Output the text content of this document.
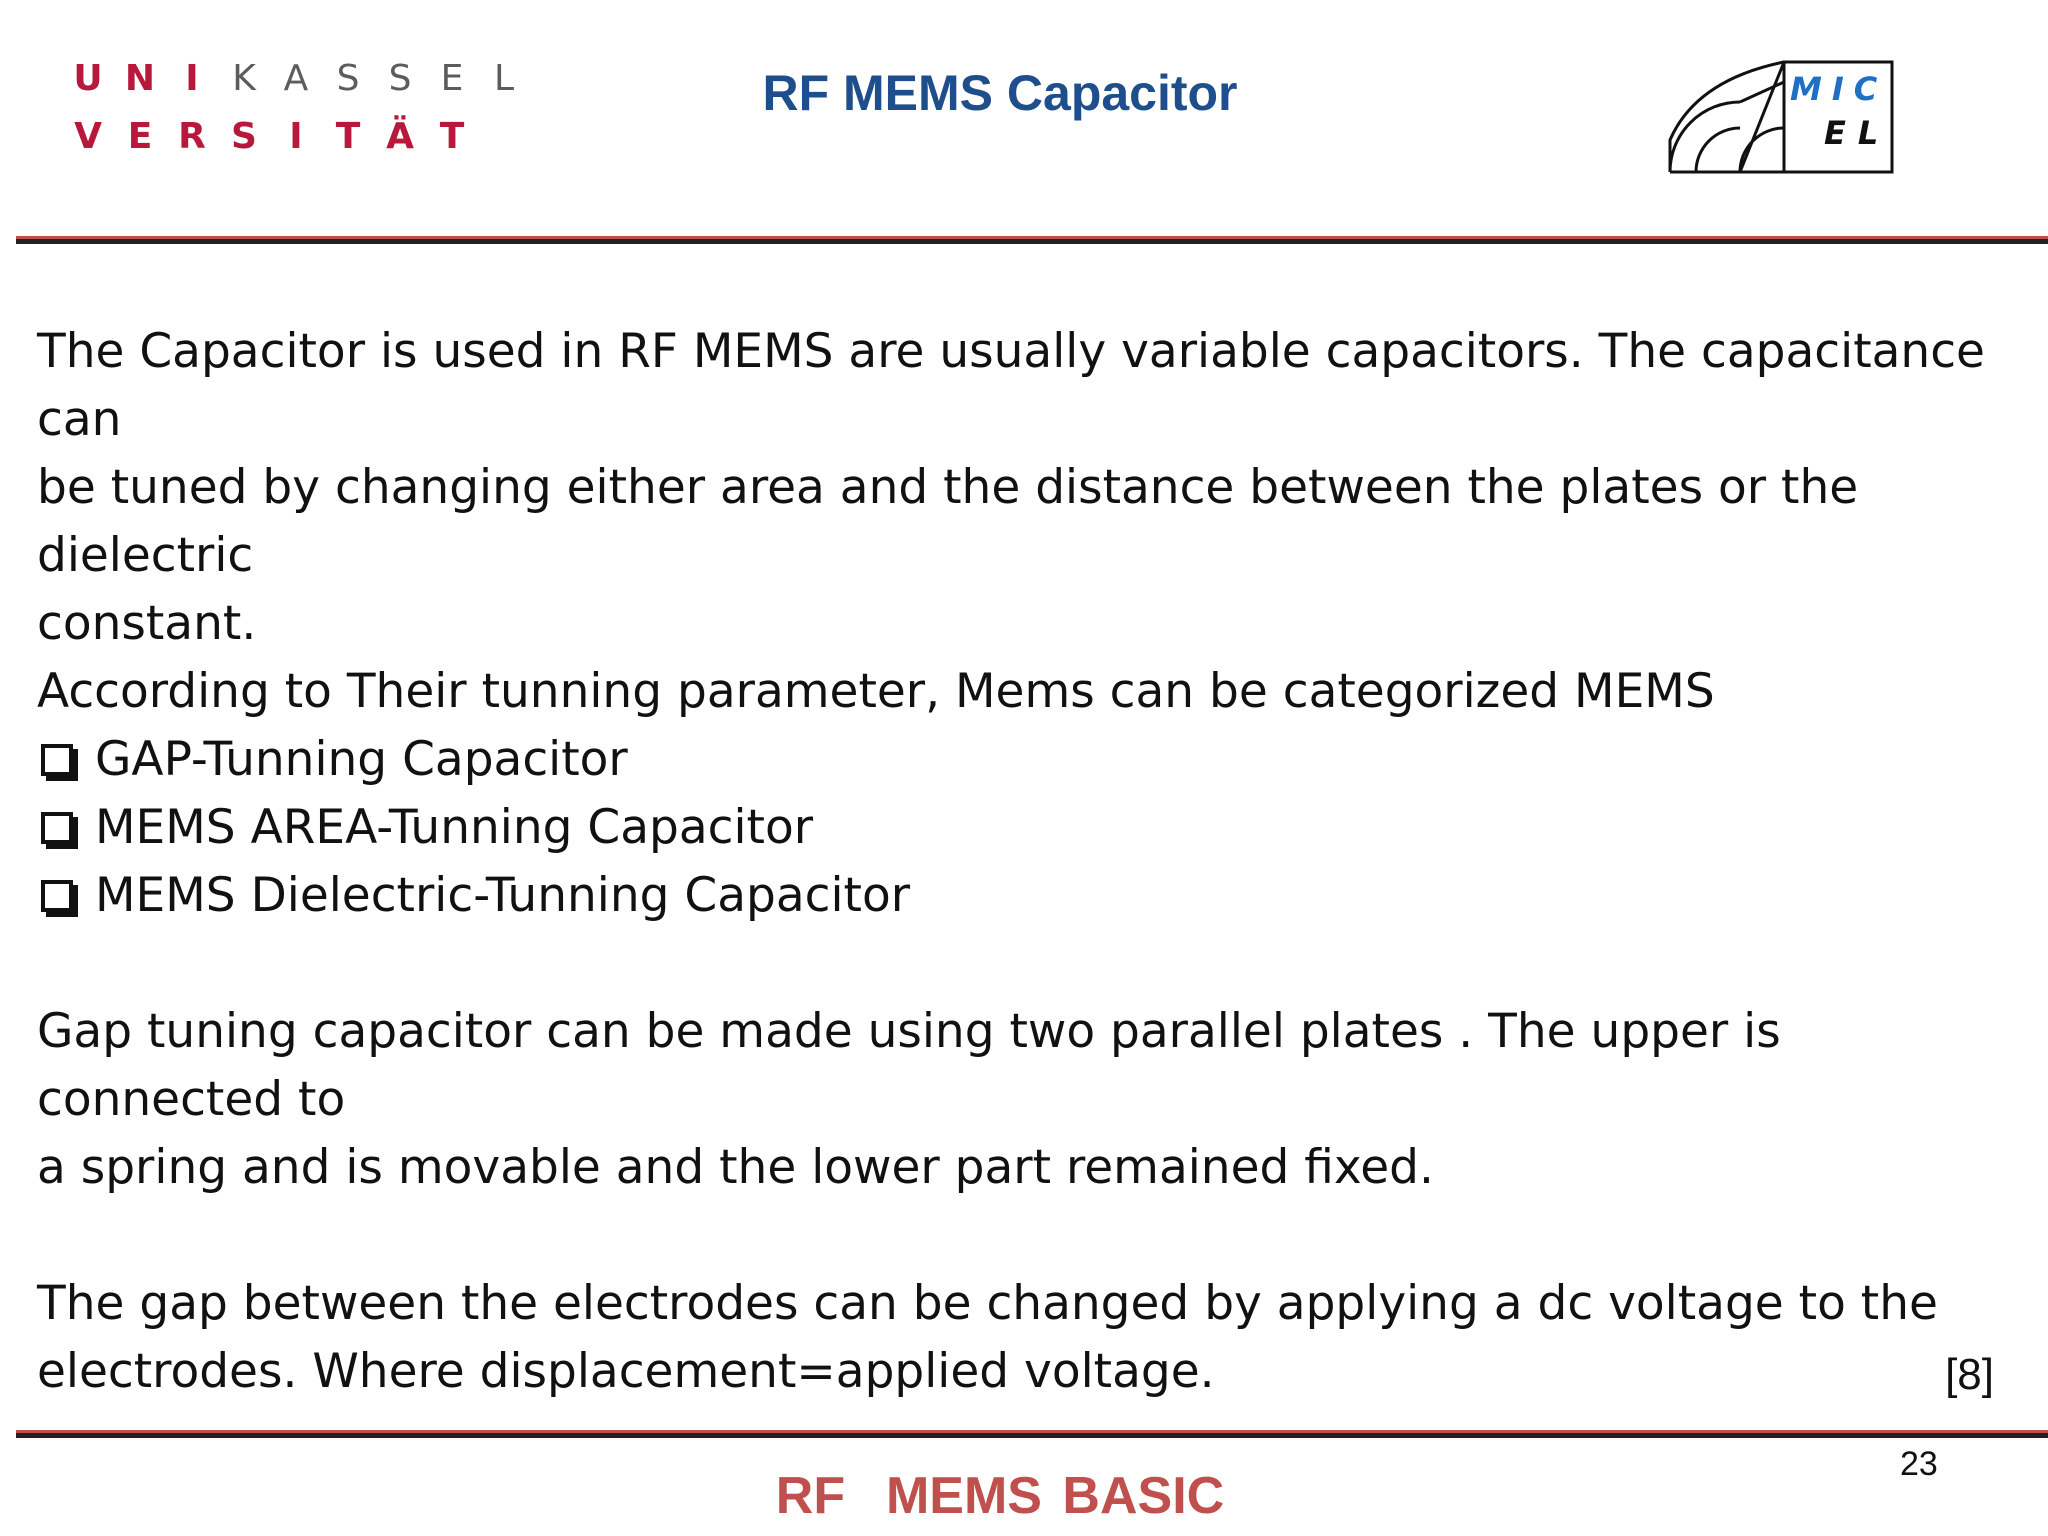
U N I K A S S E L
V E R S I T Ä T
RF MEMS Capacitor	MIC
EL

The Capacitor is used in RF MEMS are usually variable capacitors. The capacitance can

be tuned by changing either area and the distance between the plates or the dielectric

constant.

According to Their tunning parameter, Mems can be categorized MEMS

GAP-Tunning Capacitor
MEMS AREA-Tunning Capacitor
MEMS Dielectric-Tunning Capacitor

Gap tuning capacitor can be made using two parallel plates . The upper is connected to

a spring and is movable and the lower part remained fixed.

The gap between the electrodes can be changed by applying a dc voltage to the

electrodes. Where displacement=applied voltage.	[8]
23
RF  MEMS BASIC
